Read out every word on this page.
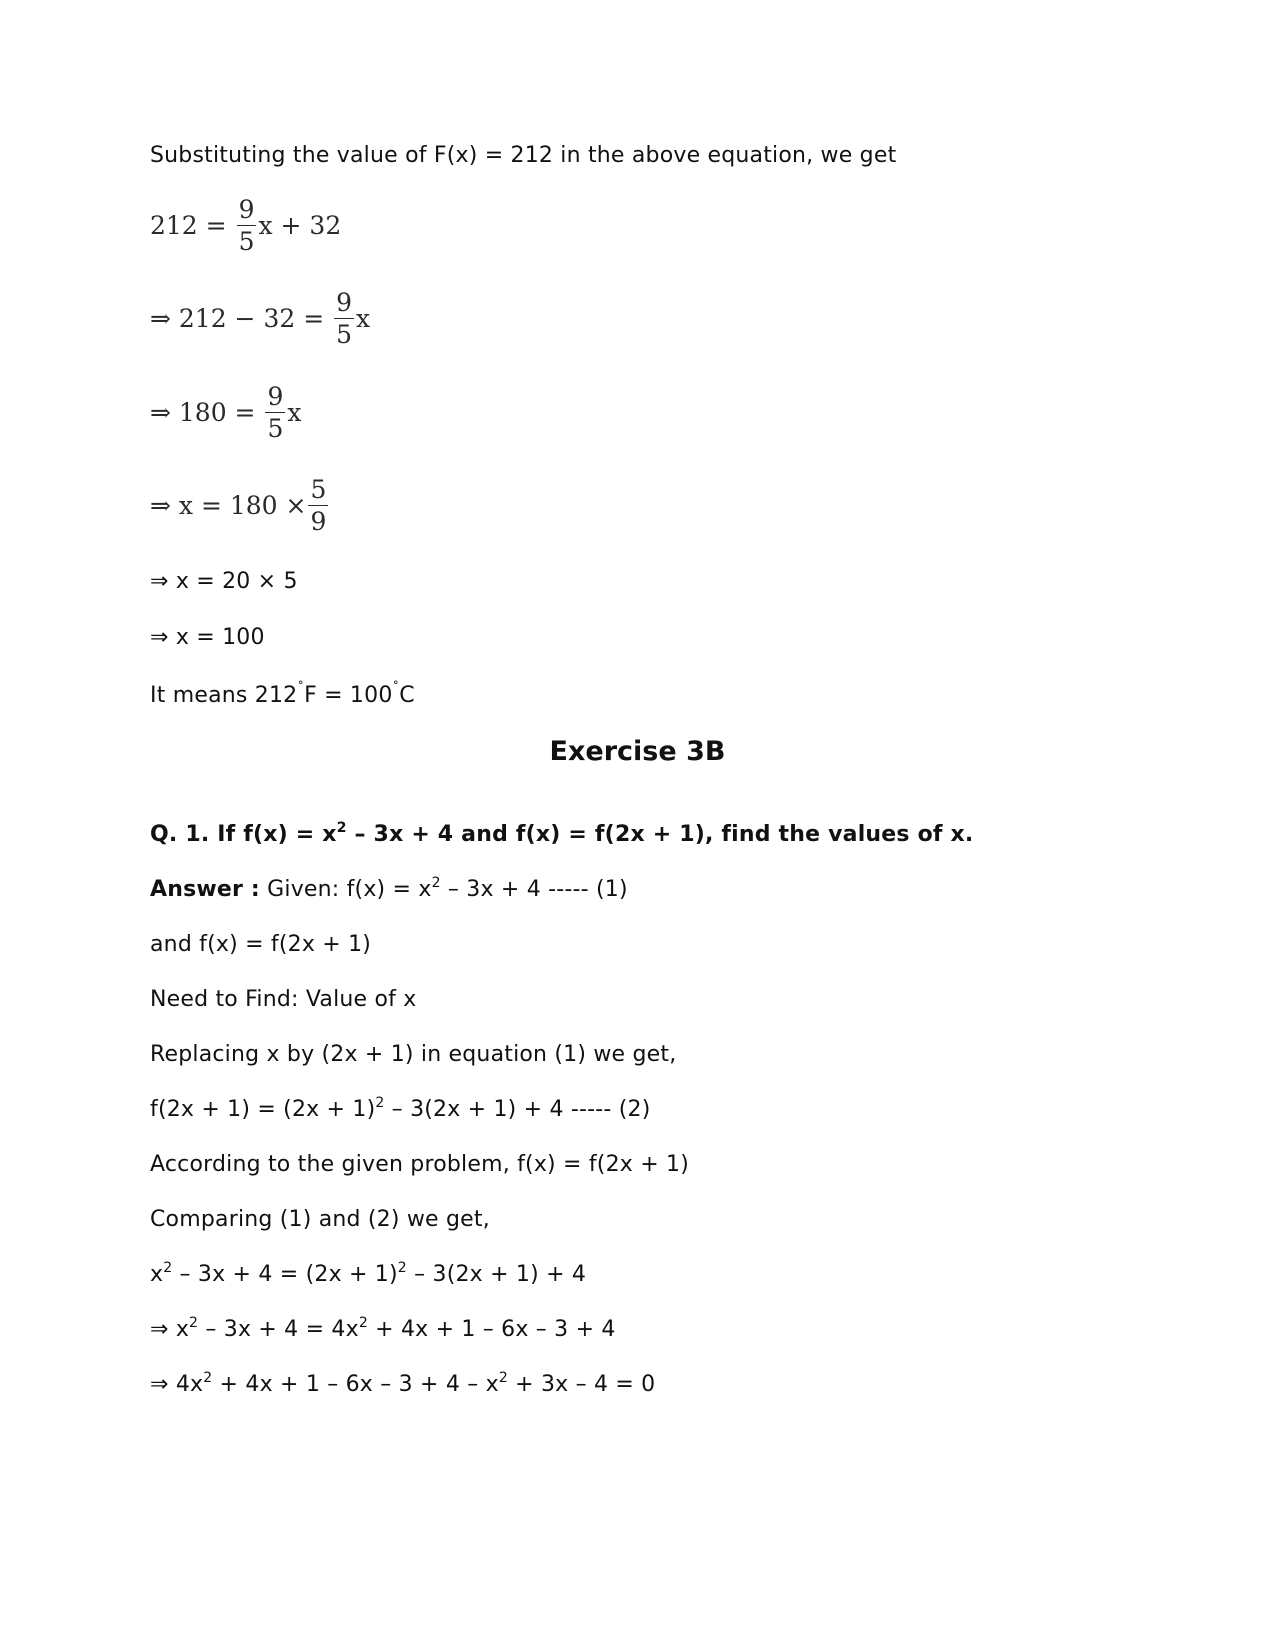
Substituting the value of F(x) = 212 in the above equation, we get
212 =
$\frac{9}{5}$ x + 32
⇒ 212 − 32 =
$\frac{9}{5}$ x
⇒ 180 =
$\frac{9}{5}$ x
⇒ $x = 180 \times \frac{5}{9}$
⇒ x = 20 × 5
⇒ x = 100
It means 212˚F = 100˚C
Exercise 3B
Q. 1. If $f(x) = x^2 - 3x + 4$ and f(x) = f(2x + 1), find the values of x.
Answer : Given: $f(x) = x^2 - 3x + 4$ ----- (1)
and f(x) = f(2x + 1)
Need to Find: Value of x
Replacing x by (2x + 1) in equation (1) we get,
$f(2x + 1) = (2x + 1)^2 - 3(2x + 1) + 4$ ----- (2)
According to the given problem, f(x) = f(2x + 1)
Comparing (1) and (2) we get,
$x^2 - 3x + 4 = (2x + 1)^2 - 3(2x + 1) + 4$
⇒ $x^2 - 3x + 4 = 4x^2 + 4x + 1 - 6x - 3 + 4$
⇒ $4x^2 + 4x + 1 - 6x - 3 + 4 - x^2 + 3x - 4 = 0$
